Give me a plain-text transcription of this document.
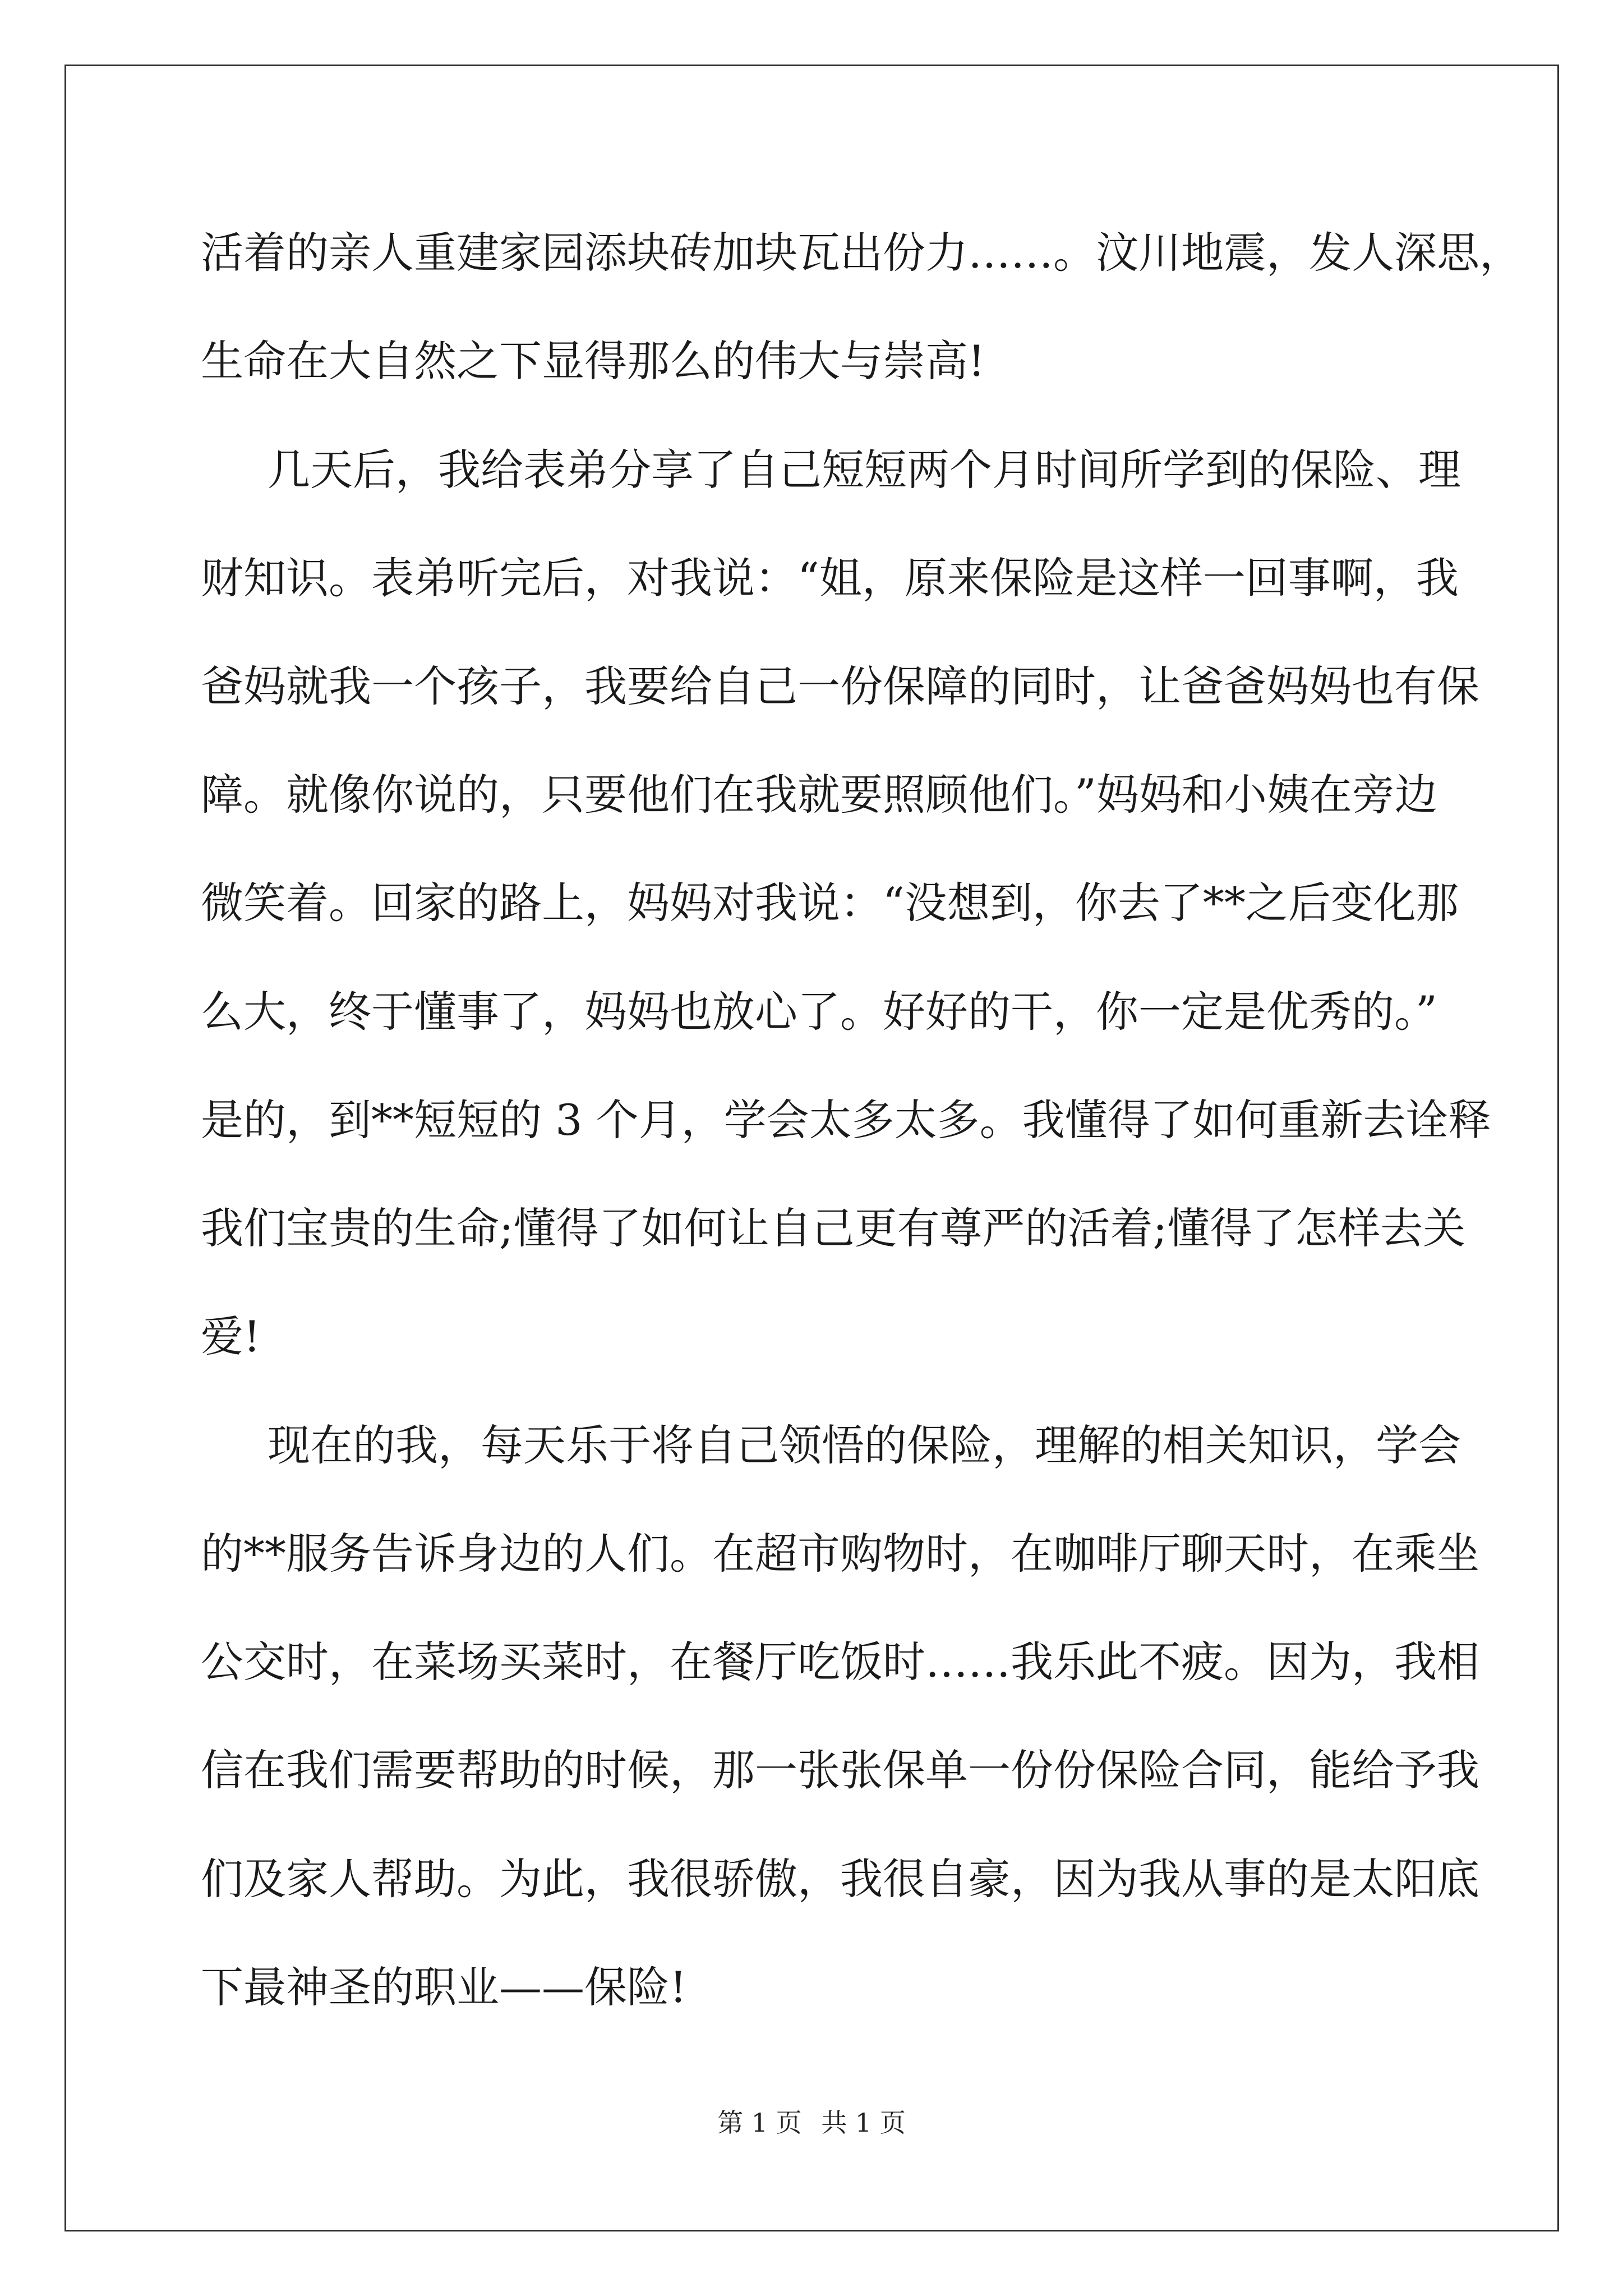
活着的亲人重建家园添块砖加块瓦出份力……。汶川地震，发人深思，
生命在大自然之下显得那么的伟大与崇高!
几天后，我给表弟分享了自己短短两个月时间所学到的保险、理
财知识。表弟听完后，对我说：“姐，原来保险是这样一回事啊，我
爸妈就我一个孩子，我要给自己一份保障的同时，让爸爸妈妈也有保
障。就像你说的，只要他们在我就要照顾他们。”妈妈和小姨在旁边
微笑着。回家的路上，妈妈对我说：“没想到，你去了**之后变化那
么大，终于懂事了，妈妈也放心了。好好的干，你一定是优秀的。”
是的，到**短短的 3 个月，学会太多太多。我懂得了如何重新去诠释
我们宝贵的生命;懂得了如何让自己更有尊严的活着;懂得了怎样去关
爱!
现在的我，每天乐于将自己领悟的保险，理解的相关知识，学会
的**服务告诉身边的人们。在超市购物时，在咖啡厅聊天时，在乘坐
公交时，在菜场买菜时，在餐厅吃饭时……我乐此不疲。因为，我相
信在我们需要帮助的时候，那一张张保单一份份保险合同，能给予我
们及家人帮助。为此，我很骄傲，我很自豪，因为我从事的是太阳底
下最神圣的职业——保险!
第 1 页 共 1 页
